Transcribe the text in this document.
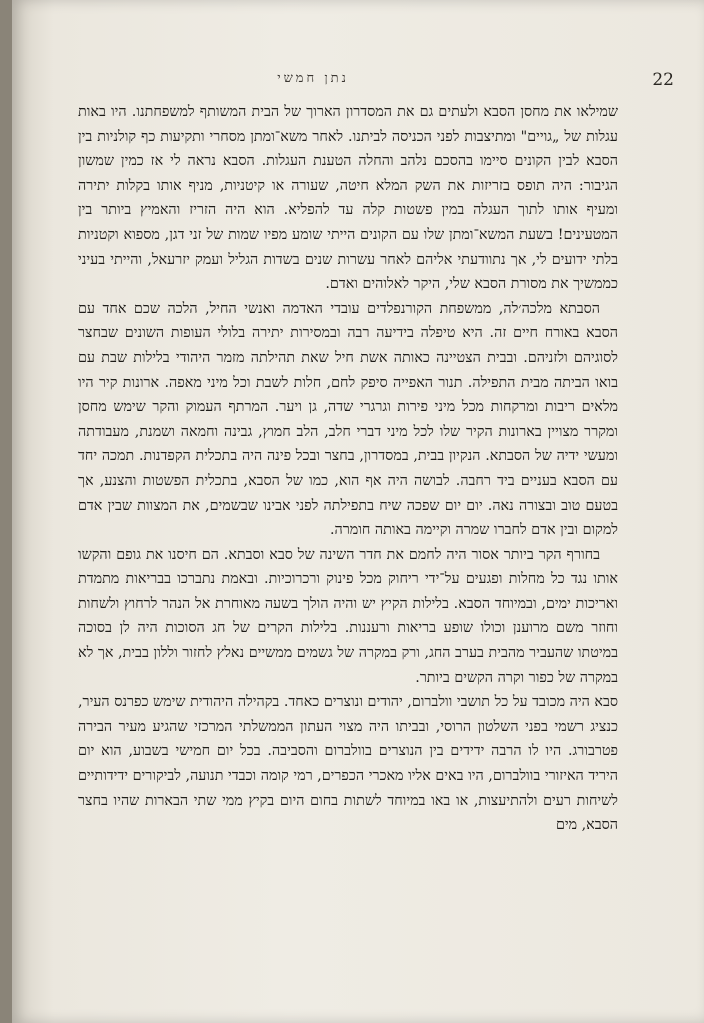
22
נתן חמשי

שמילאו את מחסן הסבא ולעתים גם את המסדרון הארוך של הבית המשותף למשפחתנו. היו באות עגלות של „גויים" ומתיצבות לפני הכניסה לביתנו. לאחר משא־ומתן מסחרי ותקיעות כף קולניות בין הסבא לבין הקונים סיימו בהסכם נלהב והחלה הטענת העגלות. הסבא נראה לי אז כמין שמשון הגיבור: היה תופס בזריזות את השק המלא חיטה, שעורה או קיטניות, מניף אותו בקלות יתירה ומעיף אותו לתוך העגלה במין פשטות קלה עד להפליא. הוא היה הזריז והאמיץ ביותר בין המטעינים! בשעת המשא־ומתן שלו עם הקונים הייתי שומע מפיו שמות של זני דגן, מספוא וקטניות בלתי ידועים לי, אך נתוודעתי אליהם לאחר עשרות שנים בשדות הגליל ועמק יזרעאל, והייתי בעיני כממשיך את מסורת הסבא שלי, היקר לאלוהים ואדם.

הסבתא מלכה׳לה, ממשפחת הקורנפלדים עובדי האדמה ואנשי החיל, הלכה שכם אחד עם הסבא באורח חיים זה. היא טיפלה בידיעה רבה ובמסירות יתירה בלולי העופות השונים שבחצר לסוגיהם ולזניהם. ובבית הצטיינה כאותה אשת חיל שאת תהילתה מזמר היהודי בלילות שבת עם בואו הביתה מבית התפילה. תנור האפייה סיפק לחם, חלות לשבת וכל מיני מאפה. ארונות קיר היו מלאים ריבות ומרקחות מכל מיני פירות וגרגרי שדה, גן ויער. המרתף העמוק והקר שימש מחסן ומקרר מצויין בארונות הקיר שלו לכל מיני דברי חלב, הלב חמוץ, גבינה וחמאה ושמנת, מעבודתה ומעשי ידיה של הסבתא. הנקיון בבית, במסדרון, בחצר ובכל פינה היה בתכלית הקפדנות. תמכה יחד עם הסבא בעניים ביד רחבה. לבושה היה אף הוא, כמו של הסבא, בתכלית הפשטות והצנע, אך בטעם טוב ובצורה נאה. יום יום שפכה שיח בתפילתה לפני אבינו שבשמים, את המצוות שבין אדם למקום ובין אדם לחברו שמרה וקיימה באותה חומרה.

בחורף הקר ביותר אסור היה לחמם את חדר השינה של סבא וסבתא. הם חיסנו את גופם והקשו אותו נגד כל מחלות ופגעים על־ידי ריחוק מכל פינוק ורכרוכיות. ובאמת נתברכו בבריאות מתמדת ואריכות ימים, ובמיוחד הסבא. בלילות הקיץ יש והיה הולך בשעה מאוחרת אל הנהר לרחוץ ולשחות וחוזר משם מרוענן וכולו שופע בריאות ורעננות. בלילות הקרים של חג הסוכות היה לן בסוכה במיטתו שהעביר מהבית בערב החג, ורק במקרה של גשמים ממשיים נאלץ לחזור וללון בבית, אך לא במקרה של כפור וקרה הקשים ביותר.

סבא היה מכובד על כל תושבי וולברום, יהודים ונוצרים כאחד. בקהילה היהודית שימש כפרנס העיר, כנציג רשמי בפני השלטון הרוסי, ובביתו היה מצוי העתון הממשלתי המרכזי שהגיע מעיר הבירה פטרבורג. היו לו הרבה ידידים בין הנוצרים בוולברום והסביבה. בכל יום חמישי בשבוע, הוא יום היריד האיזורי בוולברום, היו באים אליו מאכרי הכפרים, רמי קומה וכבדי תנועה, לביקורים ידידותיים לשיחות רעים ולהתיעצות, או באו במיוחד לשתות בחום היום בקיץ ממי שתי הבארות שהיו בחצר הסבא, מים
